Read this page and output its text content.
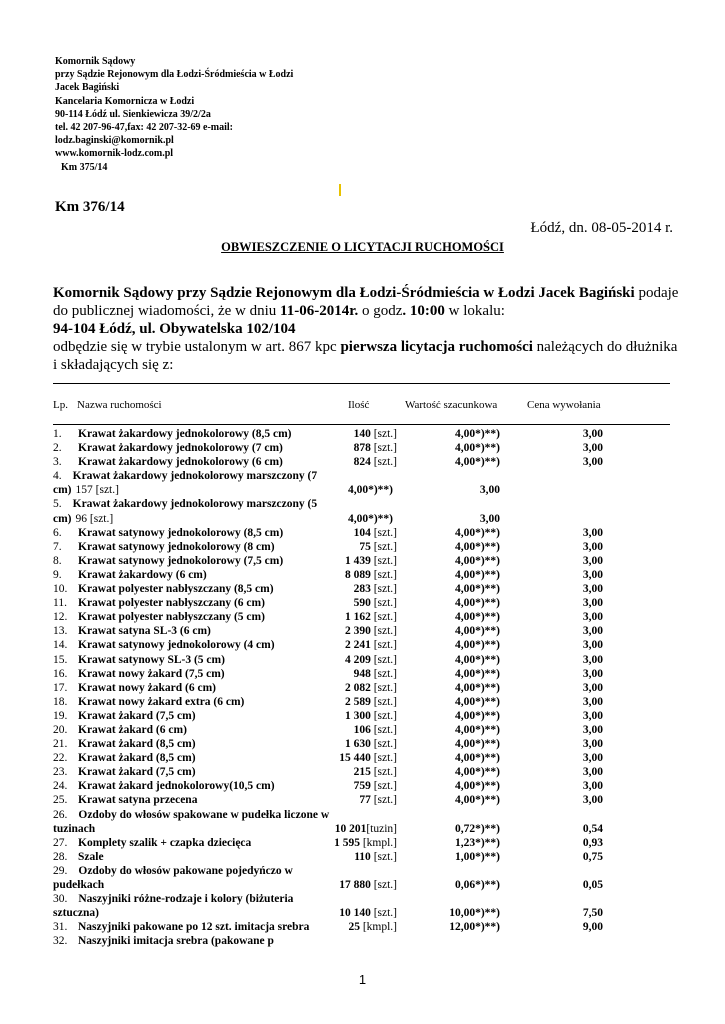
Komornik Sądowy
przy Sądzie Rejonowym dla Łodzi-Śródmieścia w Łodzi
Jacek Bagiński
Kancelaria Komornicza w Łodzi
90-114 Łódź ul. Sienkiewicza 39/2/2a
tel. 42 207-96-47,fax: 42 207-32-69 e-mail:
lodz.baginski@komornik.pl
www.komornik-lodz.com.pl
Km 375/14
Km 376/14
Łódź, dn. 08-05-2014 r.
OBWIESZCZENIE O LICYTACJI RUCHOMOŚCI

Komornik Sądowy przy Sądzie Rejonowym dla Łodzi-Śródmieścia w Łodzi Jacek Bagiński podaje do publicznej wiadomości, że w dniu 11-06-2014r. o godz. 10:00 w lokalu:

94-104 Łódź, ul. Obywatelska 102/104

odbędzie się w trybie ustalonym w art. 867 kpc pierwsza licytacja ruchomości należących do dłużnika i składających się z:

Lp. Nazwa ruchomości	Ilość	Wartość szacunkowa	Cena wywołania
1. Krawat żakardowy jednokolorowy (8,5 cm)	140 [szt.]	4,00*)**)	3,00
2. Krawat żakardowy jednokolorowy (7 cm)	878 [szt.]	4,00*)**)	3,00
3. Krawat żakardowy jednokolorowy (6 cm)	824 [szt.]	4,00*)**)	3,00
4. Krawat żakardowy jednokolorowy marszczony (7
cm) 157 [szt.]	4,00*)**)	3,00
5. Krawat żakardowy jednokolorowy marszczony (5
cm) 96 [szt.]	4,00*)**)	3,00
6. Krawat satynowy jednokolorowy (8,5 cm)	104 [szt.]	4,00*)**)	3,00
7. Krawat satynowy jednokolorowy (8 cm)	75 [szt.]	4,00*)**)	3,00
8. Krawat satynowy jednokolorowy (7,5 cm)	1 439 [szt.]	4,00*)**)	3,00
9. Krawat żakardowy (6 cm)	8 089 [szt.]	4,00*)**)	3,00
10. Krawat polyester nabłyszczany (8,5 cm)	283 [szt.]	4,00*)**)	3,00
11. Krawat polyester nabłyszczany (6 cm)	590 [szt.]	4,00*)**)	3,00
12. Krawat polyester nabłyszczany (5 cm)	1 162 [szt.]	4,00*)**)	3,00
13. Krawat satyna SL-3 (6 cm)	2 390 [szt.]	4,00*)**)	3,00
14. Krawat satynowy jednokolorowy (4 cm)	2 241 [szt.]	4,00*)**)	3,00
15. Krawat satynowy SL-3 (5 cm)	4 209 [szt.]	4,00*)**)	3,00
16. Krawat nowy żakard (7,5 cm)	948 [szt.]	4,00*)**)	3,00
17. Krawat nowy żakard (6 cm)	2 082 [szt.]	4,00*)**)	3,00
18. Krawat nowy żakard extra (6 cm)	2 589 [szt.]	4,00*)**)	3,00
19. Krawat żakard (7,5 cm)	1 300 [szt.]	4,00*)**)	3,00
20. Krawat żakard (6 cm)	106 [szt.]	4,00*)**)	3,00
21. Krawat żakard (8,5 cm)	1 630 [szt.]	4,00*)**)	3,00
22. Krawat żakard (8,5 cm)	15 440 [szt.]	4,00*)**)	3,00
23. Krawat żakard (7,5 cm)	215 [szt.]	4,00*)**)	3,00
24. Krawat żakard jednokolorowy(10,5 cm)	759 [szt.]	4,00*)**)	3,00
25. Krawat satyna przecena	77 [szt.]	4,00*)**)	3,00
26. Ozdoby do włosów spakowane w pudełka liczone w
tuzinach	10 201[tuzin]	0,72*)**)	0,54
27. Komplety szalik + czapka dziecięca	1 595 [kmpl.]	1,23*)**)	0,93
28. Szale	110 [szt.]	1,00*)**)	0,75
29. Ozdoby do włosów pakowane pojedyńczo w
pudełkach	17 880 [szt.]	0,06*)**)	0,05
30. Naszyjniki różne-rodzaje i kolory (biżuteria
sztuczna)	10 140 [szt.]	10,00*)**)	7,50
31. Naszyjniki pakowane po 12 szt. imitacja srebra	25 [kmpl.]	12,00*)**)	9,00
32. Naszyjniki imitacja srebra (pakowane p
1
